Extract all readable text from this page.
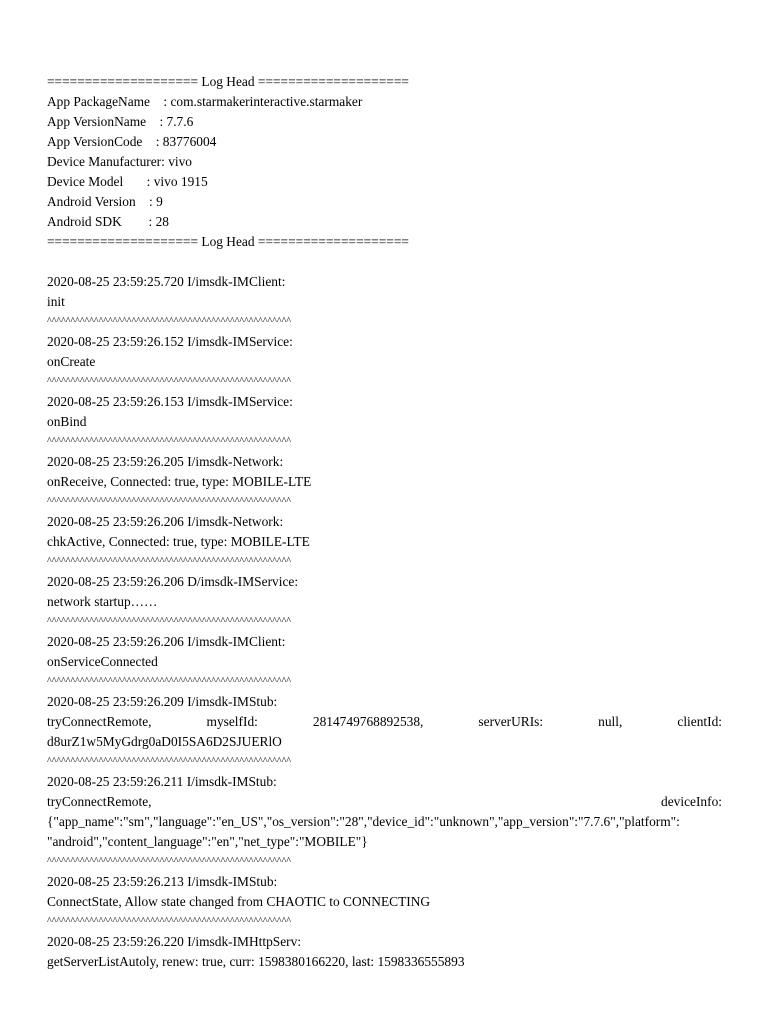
==================== Log Head ====================
App PackageName    : com.starmakerinteractive.starmaker
App VersionName    : 7.7.6
App VersionCode    : 83776004
Device Manufacturer: vivo
Device Model       : vivo 1915
Android Version    : 9
Android SDK        : 28
==================== Log Head ====================
2020-08-25 23:59:25.720 I/imsdk-IMClient:
init
^^^^^^^^^^^^^^^^^^^^^^^^^^^^^^^^^^^^^^^^^^^^^^^^^^^^
2020-08-25 23:59:26.152 I/imsdk-IMService:
onCreate
^^^^^^^^^^^^^^^^^^^^^^^^^^^^^^^^^^^^^^^^^^^^^^^^^^^^
2020-08-25 23:59:26.153 I/imsdk-IMService:
onBind
^^^^^^^^^^^^^^^^^^^^^^^^^^^^^^^^^^^^^^^^^^^^^^^^^^^^
2020-08-25 23:59:26.205 I/imsdk-Network:
onReceive, Connected: true, type: MOBILE-LTE
^^^^^^^^^^^^^^^^^^^^^^^^^^^^^^^^^^^^^^^^^^^^^^^^^^^^
2020-08-25 23:59:26.206 I/imsdk-Network:
chkActive, Connected: true, type: MOBILE-LTE
^^^^^^^^^^^^^^^^^^^^^^^^^^^^^^^^^^^^^^^^^^^^^^^^^^^^
2020-08-25 23:59:26.206 D/imsdk-IMService:
network startup……
^^^^^^^^^^^^^^^^^^^^^^^^^^^^^^^^^^^^^^^^^^^^^^^^^^^^
2020-08-25 23:59:26.206 I/imsdk-IMClient:
onServiceConnected
^^^^^^^^^^^^^^^^^^^^^^^^^^^^^^^^^^^^^^^^^^^^^^^^^^^^
2020-08-25 23:59:26.209 I/imsdk-IMStub:
tryConnectRemote, myselfId: 2814749768892538, serverURIs: null, clientId:
d8urZ1w5MyGdrg0aD0I5SA6D2SJUERlO
^^^^^^^^^^^^^^^^^^^^^^^^^^^^^^^^^^^^^^^^^^^^^^^^^^^^
2020-08-25 23:59:26.211 I/imsdk-IMStub:
tryConnectRemote, deviceInfo:
{"app_name":"sm","language":"en_US","os_version":"28","device_id":"unknown","app_version":"7.7.6","platform":
"android","content_language":"en","net_type":"MOBILE"}
^^^^^^^^^^^^^^^^^^^^^^^^^^^^^^^^^^^^^^^^^^^^^^^^^^^^
2020-08-25 23:59:26.213 I/imsdk-IMStub:
ConnectState, Allow state changed from CHAOTIC to CONNECTING
^^^^^^^^^^^^^^^^^^^^^^^^^^^^^^^^^^^^^^^^^^^^^^^^^^^^
2020-08-25 23:59:26.220 I/imsdk-IMHttpServ:
getServerListAutoly, renew: true, curr: 1598380166220, last: 1598336555893
